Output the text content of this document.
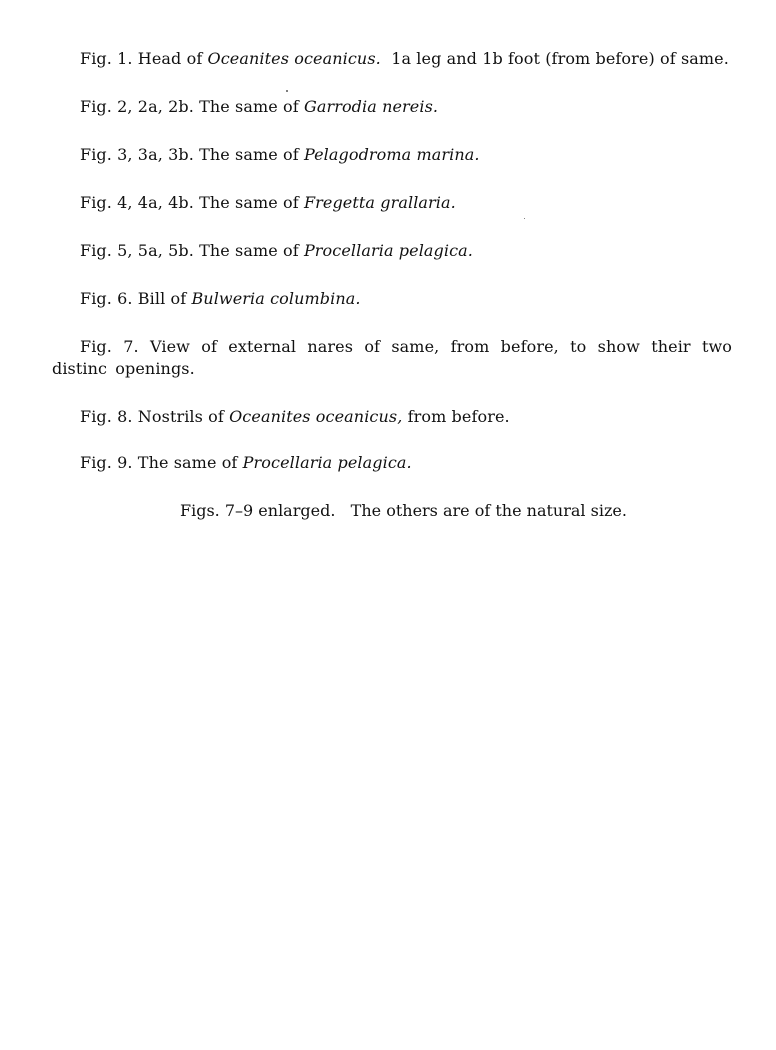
Fig. 1. Head of Oceanites oceanicus.  1a leg and 1b foot (from before) of same.
Fig. 2, 2a, 2b. The same of Garrodia nereis.
Fig. 3, 3a, 3b. The same of Pelagodroma marina.
Fig. 4, 4a, 4b. The same of Fregetta grallaria.
Fig. 5, 5a, 5b. The same of Procellaria pelagica.
Fig. 6. Bill of Bulweria columbina.
Fig. 7. View of external nares of same, from before, to show their two distinc openings.
Fig. 8. Nostrils of Oceanites oceanicus, from before.
Fig. 9. The same of Procellaria pelagica.
Figs. 7–9 enlarged.   The others are of the natural size.
